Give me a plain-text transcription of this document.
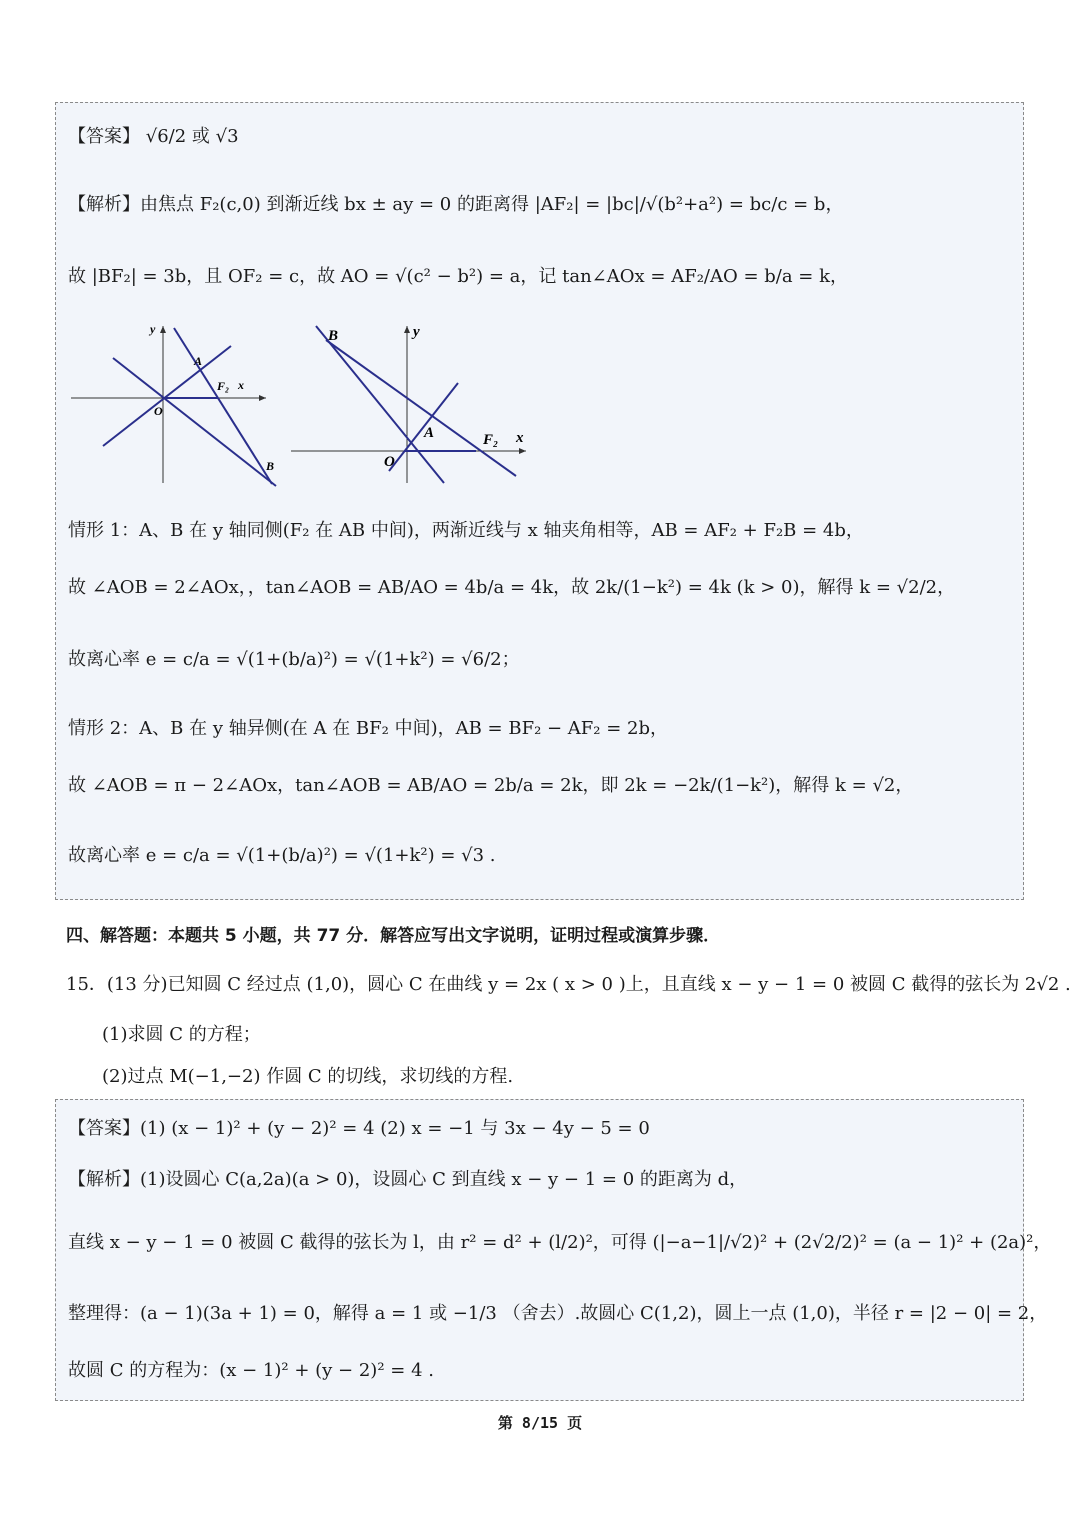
【答案】 √6/2 或 √3
【解析】由焦点 F₂(c,0) 到渐近线 bx ± ay = 0 的距离得 |AF₂| = |bc|/√(b²+a²) = bc/c = b，
故 |BF₂| = 3b，且 OF₂ = c，故 AO = √(c² − b²) = a，记 tan∠AOx = AF₂/AO = b/a = k，
y
A
F₂ x
O
B
B	y
A	F₂ x
O
情形 1：A、B 在 y 轴同侧(F₂ 在 AB 中间)，两渐近线与 x 轴夹角相等，AB = AF₂ + F₂B = 4b，
故 ∠AOB = 2∠AOx，，tan∠AOB = AB/AO = 4b/a = 4k，故 2k/(1−k²) = 4k (k > 0)，解得 k = √2/2，
故离心率 e = c/a = √(1+(b/a)²) = √(1+k²) = √6/2；
情形 2：A、B 在 y 轴异侧(在 A 在 BF₂ 中间)，AB = BF₂ − AF₂ = 2b，
故 ∠AOB = π − 2∠AOx，tan∠AOB = AB/AO = 2b/a = 2k，即 2k = −2k/(1−k²)，解得 k = √2，
故离心率 e = c/a = √(1+(b/a)²) = √(1+k²) = √3 .
四、解答题：本题共 5 小题，共 77 分．解答应写出文字说明，证明过程或演算步骤．
15．(13 分)已知圆 C 经过点 (1,0)，圆心 C 在曲线 y = 2x ( x > 0 )上，且直线 x − y − 1 = 0 被圆 C 截得的弦长为 2√2 .
(1)求圆 C 的方程；
(2)过点 M(−1,−2) 作圆 C 的切线，求切线的方程.
【答案】(1) (x − 1)² + (y − 2)² = 4 (2) x = −1 与 3x − 4y − 5 = 0
【解析】(1)设圆心 C(a,2a)(a > 0)，设圆心 C 到直线 x − y − 1 = 0 的距离为 d，
直线 x − y − 1 = 0 被圆 C 截得的弦长为 l，由 r² = d² + (l/2)²，可得 (|−a−1|/√2)² + (2√2/2)² = (a − 1)² + (2a)²，
整理得：(a − 1)(3a + 1) = 0，解得 a = 1 或 −1/3 （舍去）.故圆心 C(1,2)，圆上一点 (1,0)，半径 r = |2 − 0| = 2，
故圆 C 的方程为：(x − 1)² + (y − 2)² = 4 .
第 8/15 页
